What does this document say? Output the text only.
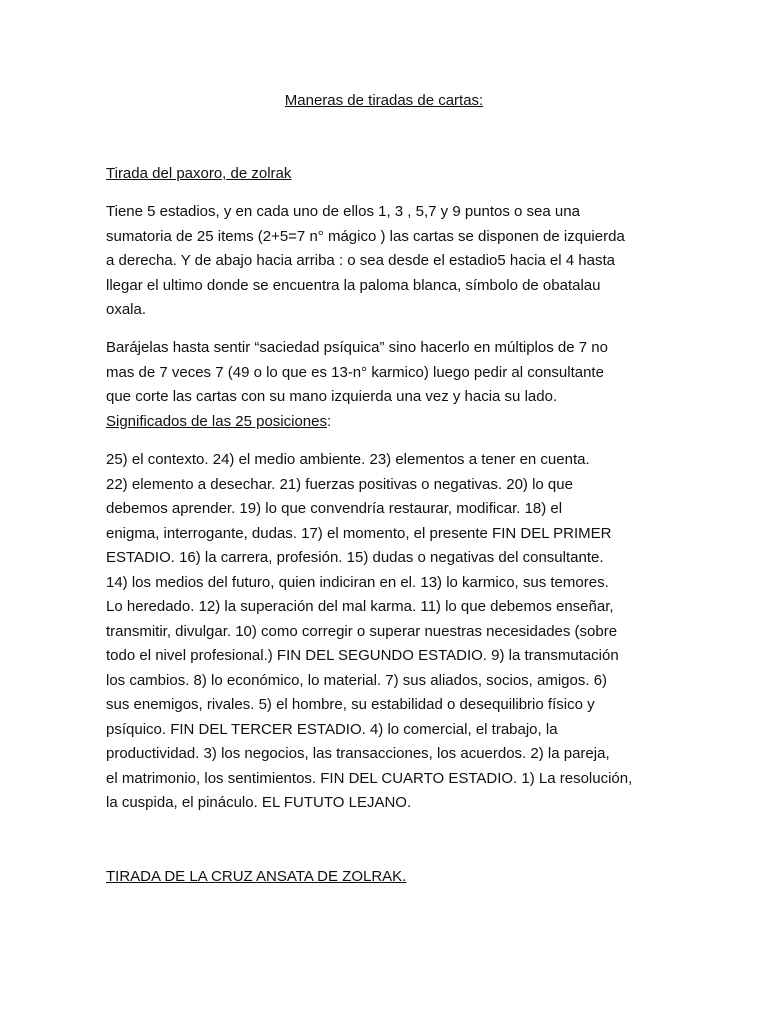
Maneras de tiradas de cartas:
Tirada del paxoro, de zolrak

Tiene 5 estadios, y en cada uno de ellos 1, 3 , 5,7 y 9 puntos o sea una
sumatoria de 25 items (2+5=7 n° mágico ) las cartas se disponen de izquierda
a derecha. Y de abajo hacia arriba : o sea desde el estadio5 hacia el 4 hasta
llegar el ultimo donde se encuentra la paloma blanca, símbolo de obatalau
oxala.

Barájelas hasta sentir “saciedad psíquica” sino hacerlo en múltiplos de 7 no
mas de 7 veces 7 (49 o lo que es 13-n° karmico) luego pedir al consultante
que corte las cartas con su mano izquierda una vez y hacia su lado.
Significados de las 25 posiciones:

25) el contexto. 24) el medio ambiente. 23) elementos a tener en cuenta.
22) elemento a desechar. 21) fuerzas positivas o negativas. 20) lo que
debemos aprender. 19) lo que convendría restaurar, modificar. 18) el
enigma, interrogante, dudas. 17) el momento, el presente FIN DEL PRIMER
ESTADIO. 16) la carrera, profesión. 15) dudas o negativas del consultante.
14) los medios del futuro, quien indiciran en el. 13) lo karmico, sus temores.
Lo heredado. 12) la superación del mal karma. 11) lo que debemos enseñar,
transmitir, divulgar. 10) como corregir o superar nuestras necesidades (sobre
todo el nivel profesional.) FIN DEL SEGUNDO ESTADIO. 9) la transmutación
los cambios. 8) lo económico, lo material. 7) sus aliados, socios, amigos. 6)
sus enemigos, rivales. 5) el hombre, su estabilidad o desequilibrio físico y
psíquico. FIN DEL TERCER ESTADIO. 4) lo comercial, el trabajo, la
productividad. 3) los negocios, las transacciones, los acuerdos. 2) la pareja,
el matrimonio, los sentimientos. FIN DEL CUARTO ESTADIO. 1) La resolución,
la cuspida, el pináculo. EL FUTUTO LEJANO.

TIRADA DE LA CRUZ ANSATA DE ZOLRAK.
